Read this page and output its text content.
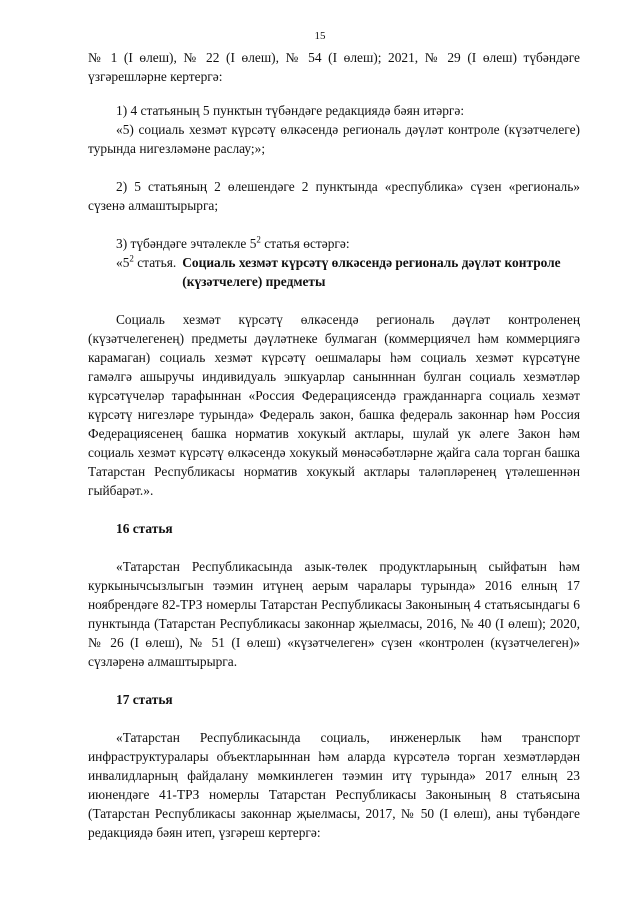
15

№ 1 (I өлеш), № 22 (I өлеш), № 54 (I өлеш); 2021, № 29 (I өлеш) түбәндәге үзгәрешләрне кертергә:

1) 4 статьяның 5 пунктын түбәндәге редакциядә бәян итәргә:

«5) социаль хезмәт күрсәтү өлкәсендә региональ дәүләт контроле (күзәтчелеге) турында нигезләмәне раслау;»;

2) 5 статьяның 2 өлешендәге 2 пунктында «республика» сүзен «региональ» сүзенә алмаштырырга;

3) түбәндәге эчтәлекле $5^2$ статья өстәргә:

«$5^2$ статья. Социаль хезмәт күрсәтү өлкәсендә региональ дәүләт контроле (күзәтчелеге) предметы

Социаль хезмәт күрсәтү өлкәсендә региональ дәүләт контроленең (күзәтчелегенең) предметы дәүләтнеке булмаган (коммерциячел һәм коммерциягә карамаган) социаль хезмәт күрсәтү оешмалары һәм социаль хезмәт күрсәтүне гамәлгә ашыручы индивидуаль эшкуарлар санынннан булган социаль хезмәтләр күрсәтүчеләр тарафыннан «Россия Федерациясендә гражданнарга социаль хезмәт күрсәтү нигезләре турында» Федераль закон, башка федераль законнар һәм Россия Федерациясенең башка норматив хокукый актлары, шулай ук әлеге Закон һәм социаль хезмәт күрсәтү өлкәсендә хокукый мөнәсәбәтләрне җайга сала торган башка Татарстан Республикасы норматив хокукый актлары таләпләренең үтәлешеннән гыйбарәт.».

16 статья

«Татарстан Республикасында азык-төлек продуктларының сыйфатын һәм куркынычсызлыгын тәэмин итүнең аерым чаралары турында» 2016 елның 17 ноябрендәге 82-ТРЗ номерлы Татарстан Республикасы Законының 4 статьясындагы 6 пунктында (Татарстан Республикасы законнар җыелмасы, 2016, № 40 (I өлеш); 2020, № 26 (I өлеш), № 51 (I өлеш) «күзәтчелеген» сүзен «контролен (күзәтчелеген)» сүзләренә алмаштырырга.

17 статья

«Татарстан Республикасында социаль, инженерлык һәм транспорт инфраструктуралары объектларыннан һәм аларда күрсәтелә торган хезмәтләрдән инвалидларның файдалану мөмкинлеген тәэмин итү турында» 2017 елның 23 июнендәге 41-ТРЗ номерлы Татарстан Республикасы Законының 8 статьясына (Татарстан Республикасы законнар җыелмасы, 2017, № 50 (I өлеш), аны түбәндәге редакциядә бәян итеп, үзгәреш кертергә:
